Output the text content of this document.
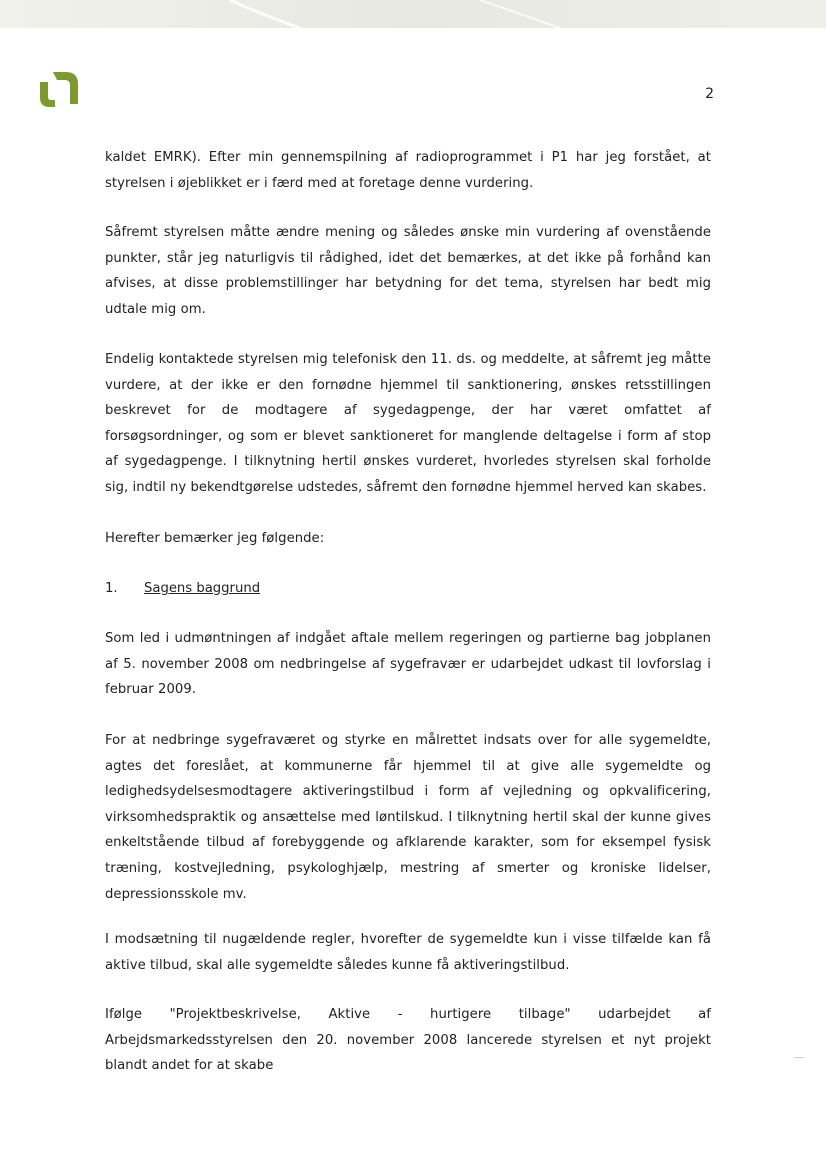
2

kaldet EMRK). Efter min gennemspilning af radioprogrammet i P1 har jeg forstået, at styrelsen i øjeblikket er i færd med at foretage denne vurdering.

Såfremt styrelsen måtte ændre mening og således ønske min vurdering af ovenstående punkter, står jeg naturligvis til rådighed, idet det bemærkes, at det ikke på forhånd kan afvises, at disse problemstillinger har betydning for det tema, styrelsen har bedt mig udtale mig om.

Endelig kontaktede styrelsen mig telefonisk den 11. ds. og meddelte, at såfremt jeg måtte vurdere, at der ikke er den fornødne hjemmel til sanktionering, ønskes retsstillingen beskrevet for de modtagere af sygedagpenge, der har været omfattet af forsøgsordninger, og som er blevet sanktioneret for manglende deltagelse i form af stop af sygedagpenge. I tilknytning hertil ønskes vurderet, hvorledes styrelsen skal forholde sig, indtil ny bekendtgørelse udstedes, såfremt den fornødne hjemmel herved kan skabes.

Herefter bemærker jeg følgende:

1. Sagens baggrund

Som led i udmøntningen af indgået aftale mellem regeringen og partierne bag jobplanen af 5. november 2008 om nedbringelse af sygefravær er udarbejdet udkast til lovforslag i februar 2009.

For at nedbringe sygefraværet og styrke en målrettet indsats over for alle sygemeldte, agtes det foreslået, at kommunerne får hjemmel til at give alle sygemeldte og ledighedsydelsesmodtagere aktiveringstilbud i form af vejledning og opkvalificering, virksomhedspraktik og ansættelse med løntilskud. I tilknytning hertil skal der kunne gives enkeltstående tilbud af forebyggende og afklarende karakter, som for eksempel fysisk træning, kostvejledning, psykologhjælp, mestring af smerter og kroniske lidelser, depressionsskole mv.

I modsætning til nugældende regler, hvorefter de sygemeldte kun i visse tilfælde kan få aktive tilbud, skal alle sygemeldte således kunne få aktiveringstilbud.

Ifølge "Projektbeskrivelse, Aktive - hurtigere tilbage" udarbejdet af Arbejdsmarkedsstyrelsen den 20. november 2008 lancerede styrelsen et nyt projekt blandt andet for at skabe
